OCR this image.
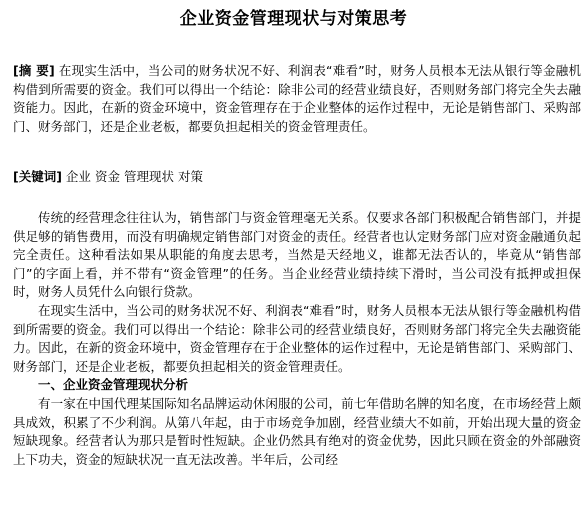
企业资金管理现状与对策思考

[摘 要] 在现实生活中，当公司的财务状况不好、利润表“难看”时，财务人员根本无法从银行等金融机构借到所需要的资金。我们可以得出一个结论：除非公司的经营业绩良好，否则财务部门将完全失去融资能力。因此，在新的资金环境中，资金管理存在于企业整体的运作过程中，无论是销售部门、采购部门、财务部门，还是企业老板，都要负担起相关的资金管理责任。

[关键词] 企业 资金 管理现状 对策

传统的经营理念往往认为，销售部门与资金管理毫无关系。仅要求各部门积极配合销售部门，并提供足够的销售费用，而没有明确规定销售部门对资金的责任。经营者也认定财务部门应对资金融通负起完全责任。这种看法如果从职能的角度去思考，当然是天经地义，谁都无法否认的，毕竟从“销售部门”的字面上看，并不带有“资金管理”的任务。当企业经营业绩持续下滑时，当公司没有抵押或担保时，财务人员凭什么向银行贷款。

在现实生活中，当公司的财务状况不好、利润表“难看”时，财务人员根本无法从银行等金融机构借到所需要的资金。我们可以得出一个结论：除非公司的经营业绩良好，否则财务部门将完全失去融资能力。因此，在新的资金环境中，资金管理存在于企业整体的运作过程中，无论是销售部门、采购部门、财务部门，还是企业老板，都要负担起相关的资金管理责任。

一、企业资金管理现状分析

有一家在中国代理某国际知名品牌运动休闲服的公司，前七年借助名牌的知名度，在市场经营上颇具成效，积累了不少利润。从第八年起，由于市场竞争加剧，经营业绩大不如前，开始出现大量的资金短缺现象。经营者认为那只是暂时性短缺。企业仍然具有绝对的资金优势，因此只顾在资金的外部融资上下功夫，资金的短缺状况一直无法改善。半年后，公司经
